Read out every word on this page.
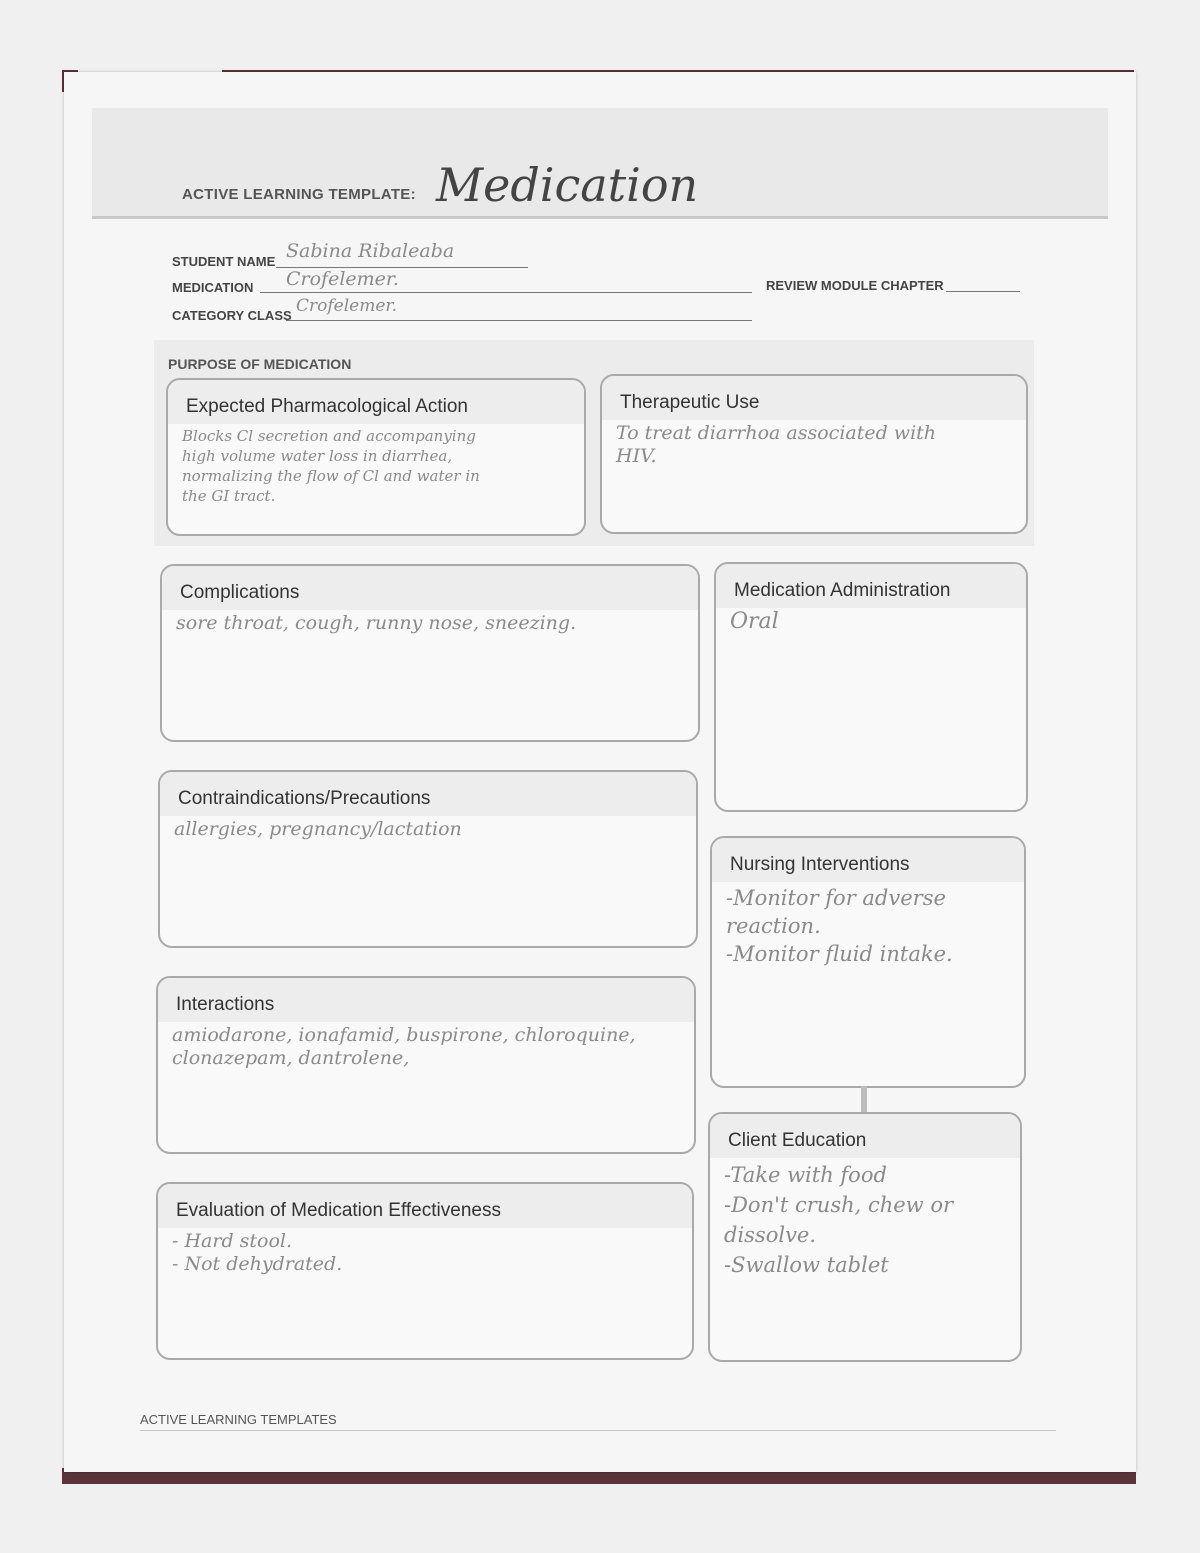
ACTIVE LEARNING TEMPLATE: Medication
STUDENT NAME Sabina Ribaleaba
MEDICATION Crofelemer.	REVIEW MODULE CHAPTER
CATEGORY CLASS Crofelemer.
PURPOSE OF MEDICATION
Expected Pharmacological Action
Blocks Cl secretion and accompanying
high volume water loss in diarrhea,
normalizing the flow of Cl and water in
the GI tract.
Therapeutic Use
To treat diarrhoa associated with
HIV.
Complications
sore throat, cough, runny nose, sneezing.
Contraindications/Precautions
allergies, pregnancy/lactation
Interactions
amiodarone, ionafamid, buspirone, chloroquine,
clonazepam, dantrolene,
Evaluation of Medication Effectiveness
- Hard stool.
- Not dehydrated.
Medication Administration
Oral
Nursing Interventions
-Monitor for adverse
reaction.
-Monitor fluid intake.
Client Education
-Take with food
-Don't crush, chew or
dissolve.
-Swallow tablet
ACTIVE LEARNING TEMPLATES
